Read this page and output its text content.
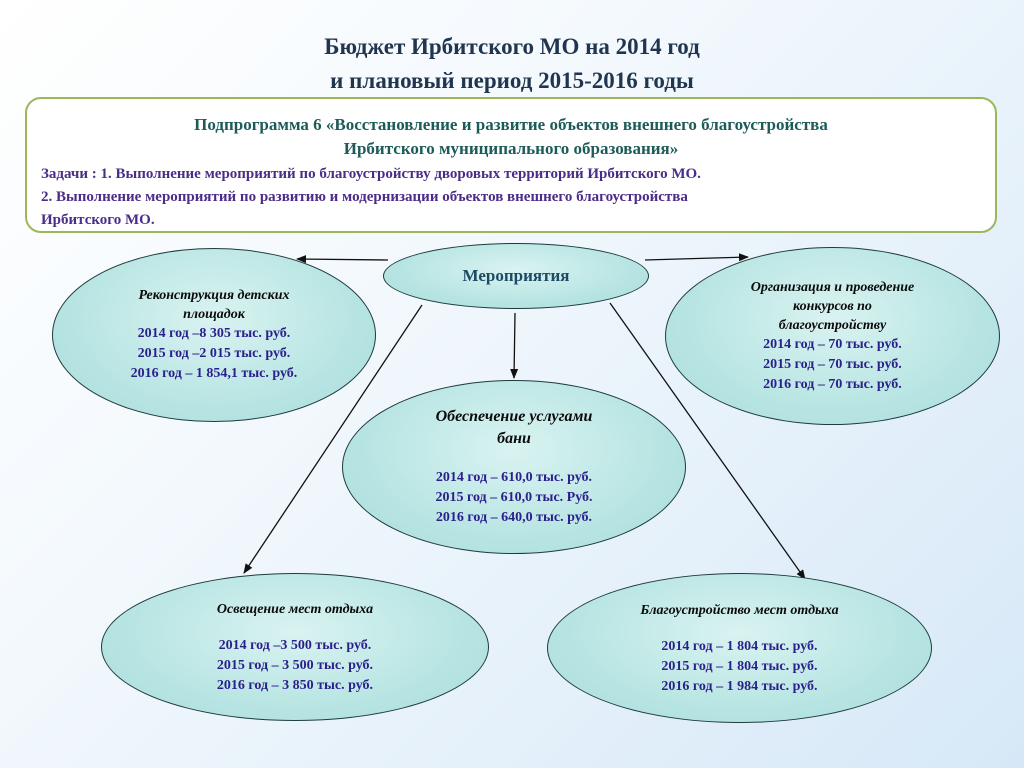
Бюджет Ирбитского МО на 2014 год
и плановый период 2015-2016 годы
Подпрограмма 6 «Восстановление и развитие объектов внешнего благоустройства
Ирбитского муниципального образования»
Задачи : 1. Выполнение мероприятий по благоустройству дворовых территорий Ирбитского МО.
2. Выполнение мероприятий по развитию и модернизации объектов внешнего благоустройства
Ирбитского МО.
Мероприятия
Реконструкция детских
площадок
2014 год –8 305 тыс. руб.
2015 год –2 015 тыс. руб.
2016 год – 1 854,1 тыс. руб.
Организация и проведение
конкурсов по
благоустройству
2014 год – 70 тыс. руб.
2015 год – 70 тыс. руб.
2016 год – 70 тыс. руб.
Обеспечение услугами
бани
2014 год – 610,0 тыс. руб.
2015 год – 610,0 тыс. Руб.
2016 год – 640,0 тыс. руб.
Освещение мест отдыха
2014 год –3 500 тыс. руб.
2015 год – 3 500 тыс. руб.
2016 год – 3 850 тыс. руб.
Благоустройство мест отдыха
2014 год – 1 804 тыс. руб.
2015 год – 1 804 тыс. руб.
2016 год – 1 984 тыс. руб.
